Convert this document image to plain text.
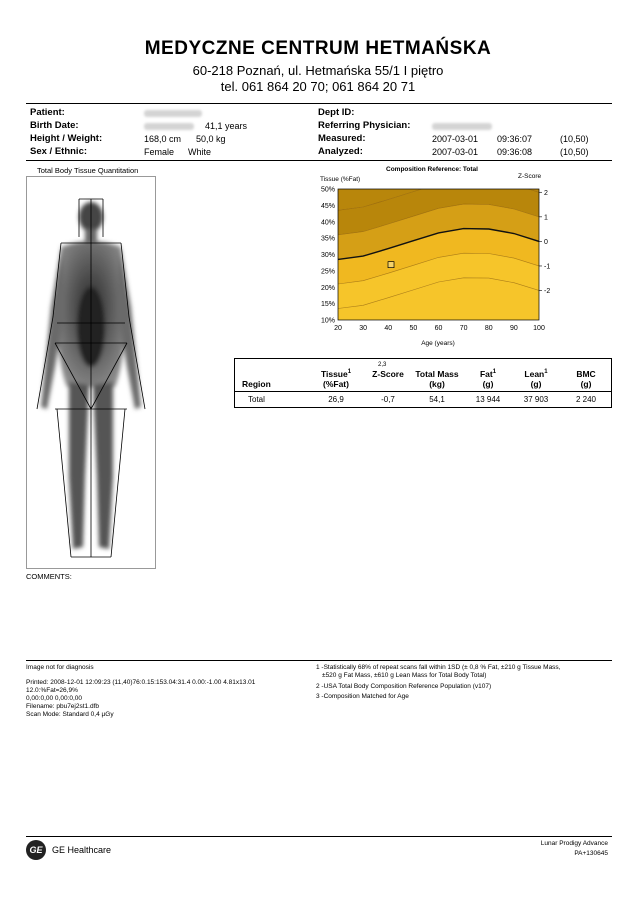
MEDYCZNE CENTRUM HETMAŃSKA
60-218 Poznań, ul. Hetmańska 55/1 I piętro
tel. 061 864 20 70; 061 864 20 71
Patient:
Birth Date:	41,1 years
Height / Weight:	168,0 cm 50,0 kg
Sex / Ethnic:	Female White
Dept ID:
Referring Physician:
Measured:	2007-03-01 09:36:07	(10,50)
Analyzed:	2007-03-01 09:36:08	(10,50)
Total Body Tissue Quantitation	Composition Reference: Total
Z-Score
Tissue (%Fat)
Age (years)
20 30 40 50 60 70 80 90 100
10%
15%
20%
25%
30%
35%
40%
45%
50%	2
1
0
-1
-2
Region
Tissue$^1$
(%Fat)
2,3
Z-Score	Total Mass
(kg)
Fat$^1$
(g)
Lean$^1$
(g)
BMC
(g)
Total	26,9	-0,7	54,1	13 944	37 903	2 240
COMMENTS:
Image not for diagnosis
Printed: 2008-12-01 12:09:23 (11,40)76:0.15:153.04:31.4 0.00:-1.00 4.81x13.01
12.0:%Fat=26,9%
0,00:0,00 0,00:0,00
Filename: pbu7ej2st1.dfb
Scan Mode: Standard 0,4 µGy
1 -Statistically 68% of repeat scans fall within 1SD (± 0,8 % Fat, ±210 g Tissue Mass,
±520 g Fat Mass, ±610 g Lean Mass for Total Body Total)
2 -USA Total Body Composition Reference Population (v107)
3 -Composition Matched for Age
GE	GE Healthcare
Lunar Prodigy Advance
PA+130645
